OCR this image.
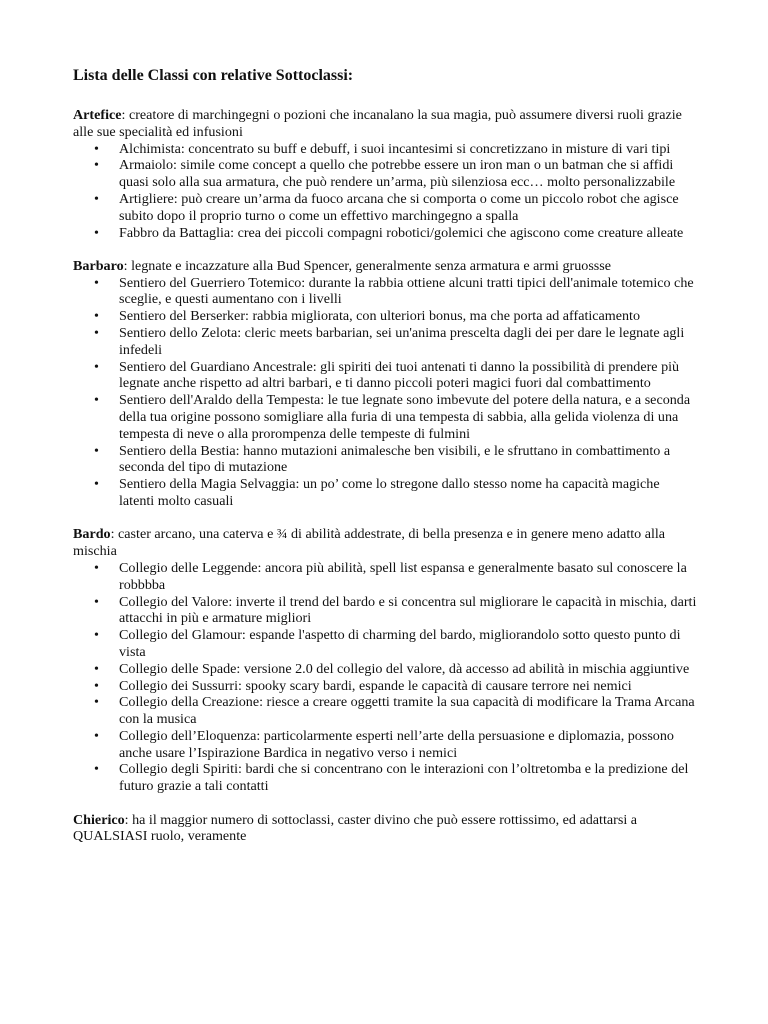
Lista delle Classi con relative Sottoclassi:

Artefice: creatore di marchingegni o pozioni che incanalano la sua magia, può assumere diversi ruoli grazie alle sue specialità ed infusioni

• Alchimista: concentrato su buff e debuff, i suoi incantesimi si concretizzano in misture di vari tipi
• Armaiolo: simile come concept a quello che potrebbe essere un iron man o un batman che si affidi quasi solo alla sua armatura, che può rendere un’arma, più silenziosa ecc… molto personalizzabile
• Artigliere: può creare un’arma da fuoco arcana che si comporta o come un piccolo robot che agisce subito dopo il proprio turno o come un effettivo marchingegno a spalla
• Fabbro da Battaglia: crea dei piccoli compagni robotici/golemici che agiscono come creature alleate

Barbaro: legnate e incazzature alla Bud Spencer, generalmente senza armatura e armi gruossse

• Sentiero del Guerriero Totemico: durante la rabbia ottiene alcuni tratti tipici dell'animale totemico che sceglie, e questi aumentano con i livelli
• Sentiero del Berserker: rabbia migliorata, con ulteriori bonus, ma che porta ad affaticamento
• Sentiero dello Zelota: cleric meets barbarian, sei un'anima prescelta dagli dei per dare le legnate agli infedeli
• Sentiero del Guardiano Ancestrale: gli spiriti dei tuoi antenati ti danno la possibilità di prendere più legnate anche rispetto ad altri barbari, e ti danno piccoli poteri magici fuori dal combattimento
• Sentiero dell'Araldo della Tempesta: le tue legnate sono imbevute del potere della natura, e a seconda della tua origine possono somigliare alla furia di una tempesta di sabbia, alla gelida violenza di una tempesta di neve o alla prorompenza delle tempeste di fulmini
• Sentiero della Bestia: hanno mutazioni animalesche ben visibili, e le sfruttano in combattimento a seconda del tipo di mutazione
• Sentiero della Magia Selvaggia: un po’ come lo stregone dallo stesso nome ha capacità magiche latenti molto casuali

Bardo: caster arcano, una caterva e ¾ di abilità addestrate, di bella presenza e in genere meno adatto alla mischia

• Collegio delle Leggende: ancora più abilità, spell list espansa e generalmente basato sul conoscere la robbbba
• Collegio del Valore: inverte il trend del bardo e si concentra sul migliorare le capacità in mischia, darti attacchi in più e armature migliori
• Collegio del Glamour: espande l'aspetto di charming del bardo, migliorandolo sotto questo punto di vista
• Collegio delle Spade: versione 2.0 del collegio del valore, dà accesso ad abilità in mischia aggiuntive
• Collegio dei Sussurri: spooky scary bardi, espande le capacità di causare terrore nei nemici
• Collegio della Creazione: riesce a creare oggetti tramite la sua capacità di modificare la Trama Arcana con la musica
• Collegio dell’Eloquenza: particolarmente esperti nell’arte della persuasione e diplomazia, possono anche usare l’Ispirazione Bardica in negativo verso i nemici
• Collegio degli Spiriti: bardi che si concentrano con le interazioni con l’oltretomba e la predizione del futuro grazie a tali contatti

Chierico: ha il maggior numero di sottoclassi, caster divino che può essere rottissimo, ed adattarsi a QUALSIASI ruolo, veramente
